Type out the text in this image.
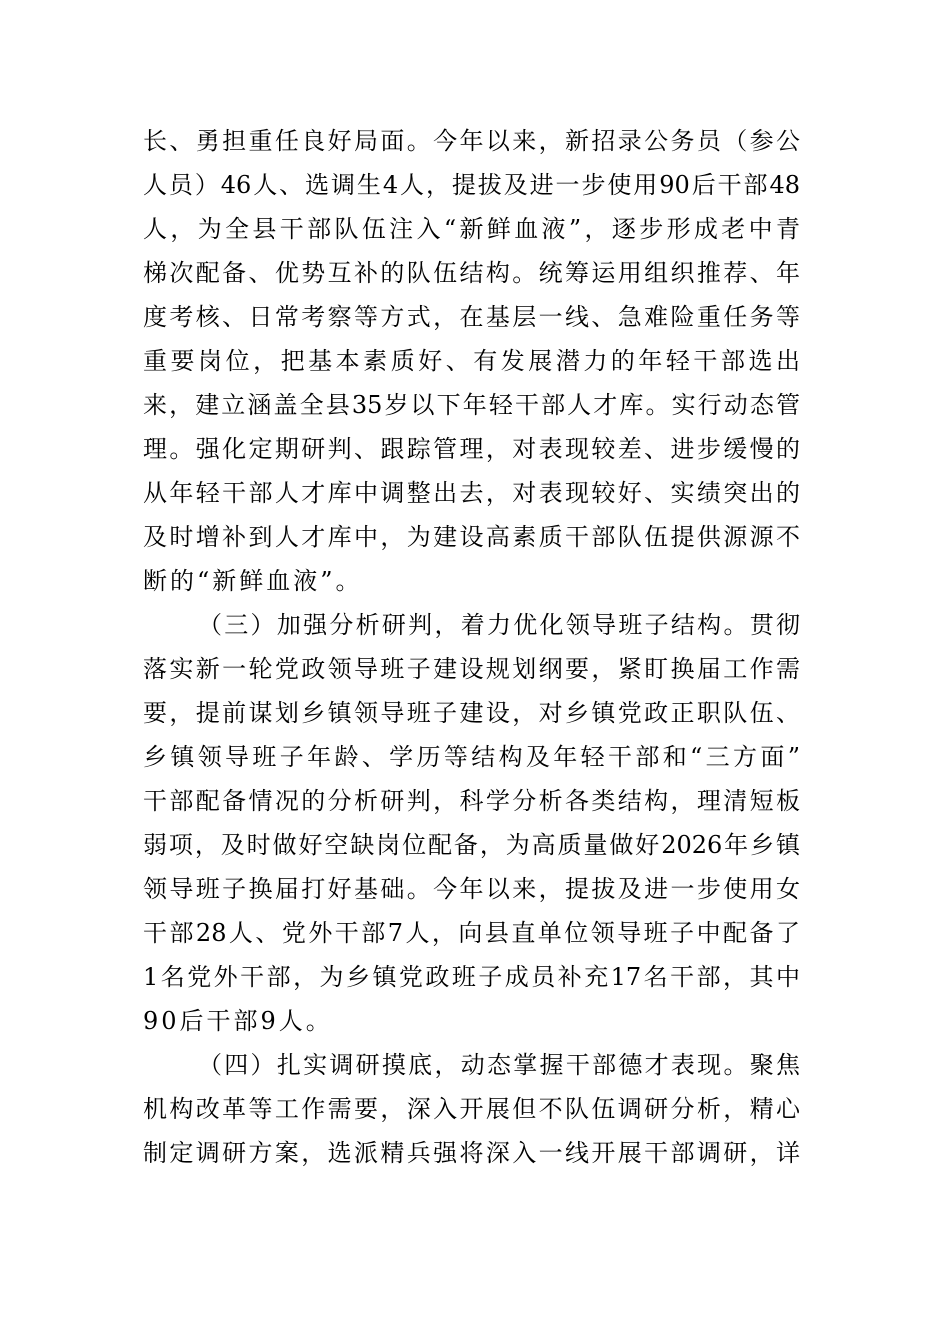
长、勇担重任良好局面。今年以来，新招录公务员（参公
人员）46人、选调生4人，提拔及进一步使用90后干部48
人，为全县干部队伍注入“新鲜血液”，逐步形成老中青
梯次配备、优势互补的队伍结构。统筹运用组织推荐、年
度考核、日常考察等方式，在基层一线、急难险重任务等
重要岗位，把基本素质好、有发展潜力的年轻干部选出
来，建立涵盖全县35岁以下年轻干部人才库。实行动态管
理。强化定期研判、跟踪管理，对表现较差、进步缓慢的
从年轻干部人才库中调整出去，对表现较好、实绩突出的
及时增补到人才库中，为建设高素质干部队伍提供源源不
断的“新鲜血液”。
（三）加强分析研判，着力优化领导班子结构。贯彻
落实新一轮党政领导班子建设规划纲要，紧盯换届工作需
要，提前谋划乡镇领导班子建设，对乡镇党政正职队伍、
乡镇领导班子年龄、学历等结构及年轻干部和“三方面”
干部配备情况的分析研判，科学分析各类结构，理清短板
弱项，及时做好空缺岗位配备，为高质量做好2026年乡镇
领导班子换届打好基础。今年以来，提拔及进一步使用女
干部28人、党外干部7人，向县直单位领导班子中配备了
1名党外干部，为乡镇党政班子成员补充17名干部，其中
90后干部9人。
（四）扎实调研摸底，动态掌握干部德才表现。聚焦
机构改革等工作需要，深入开展但不队伍调研分析，精心
制定调研方案，选派精兵强将深入一线开展干部调研，详
